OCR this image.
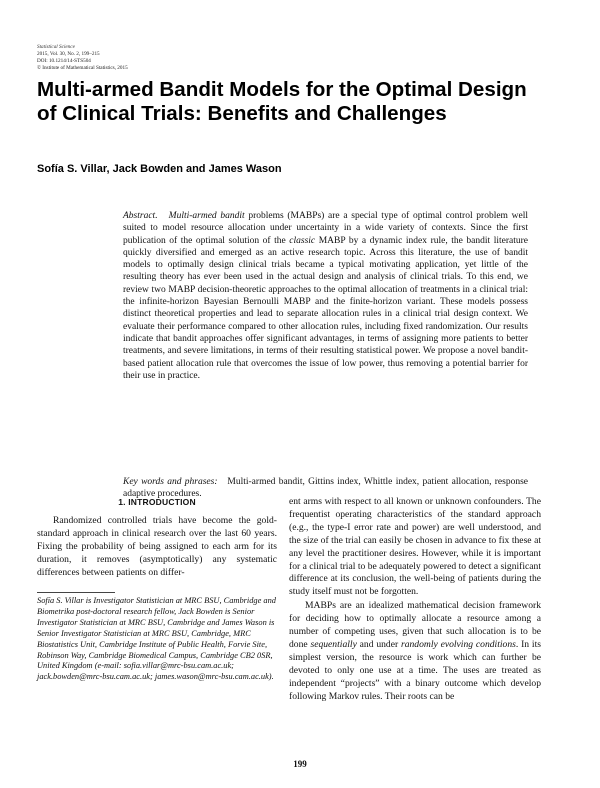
Statistical Science
2015, Vol. 30, No. 2, 199–215
DOI: 10.1214/14-STS504
© Institute of Mathematical Statistics, 2015
Multi-armed Bandit Models for the Optimal Design of Clinical Trials: Benefits and Challenges
Sofía S. Villar, Jack Bowden and James Wason

Abstract. Multi-armed bandit problems (MABPs) are a special type of optimal control problem well suited to model resource allocation under uncertainty in a wide variety of contexts. Since the first publication of the optimal solution of the classic MABP by a dynamic index rule, the bandit literature quickly diversified and emerged as an active research topic. Across this literature, the use of bandit models to optimally design clinical trials became a typical motivating application, yet little of the resulting theory has ever been used in the actual design and analysis of clinical trials. To this end, we review two MABP decision-theoretic approaches to the optimal allocation of treatments in a clinical trial: the infinite-horizon Bayesian Bernoulli MABP and the finite-horizon variant. These models possess distinct theoretical properties and lead to separate allocation rules in a clinical trial design context. We evaluate their performance compared to other allocation rules, including fixed randomization. Our results indicate that bandit approaches offer significant advantages, in terms of assigning more patients to better treatments, and severe limitations, in terms of their resulting statistical power. We propose a novel bandit-based patient allocation rule that overcomes the issue of low power, thus removing a potential barrier for their use in practice.

Key words and phrases: Multi-armed bandit, Gittins index, Whittle index, patient allocation, response adaptive procedures.

1. INTRODUCTION

Randomized controlled trials have become the gold-standard approach in clinical research over the last 60 years. Fixing the probability of being assigned to each arm for its duration, it removes (asymptotically) any systematic differences between patients on differ-

Sofía S. Villar is Investigator Statistician at MRC BSU, Cambridge and Biometrika post-doctoral research fellow, Jack Bowden is Senior Investigator Statistician at MRC BSU, Cambridge and James Wason is Senior Investigator Statistician at MRC BSU, Cambridge, MRC Biostatistics Unit, Cambridge Institute of Public Health, Forvie Site, Robinson Way, Cambridge Biomedical Campus, Cambridge CB2 0SR, United Kingdom (e-mail: sofia.villar@mrc-bsu.cam.ac.uk; jack.bowden@mrc-bsu.cam.ac.uk; james.wason@mrc-bsu.cam.ac.uk).

ent arms with respect to all known or unknown confounders. The frequentist operating characteristics of the standard approach (e.g., the type-I error rate and power) are well understood, and the size of the trial can easily be chosen in advance to fix these at any level the practitioner desires. However, while it is important for a clinical trial to be adequately powered to detect a significant difference at its conclusion, the well-being of patients during the study itself must not be forgotten.

MABPs are an idealized mathematical decision framework for deciding how to optimally allocate a resource among a number of competing uses, given that such allocation is to be done sequentially and under randomly evolving conditions. In its simplest version, the resource is work which can further be devoted to only one use at a time. The uses are treated as independent “projects” with a binary outcome which develop following Markov rules. Their roots can be

199
